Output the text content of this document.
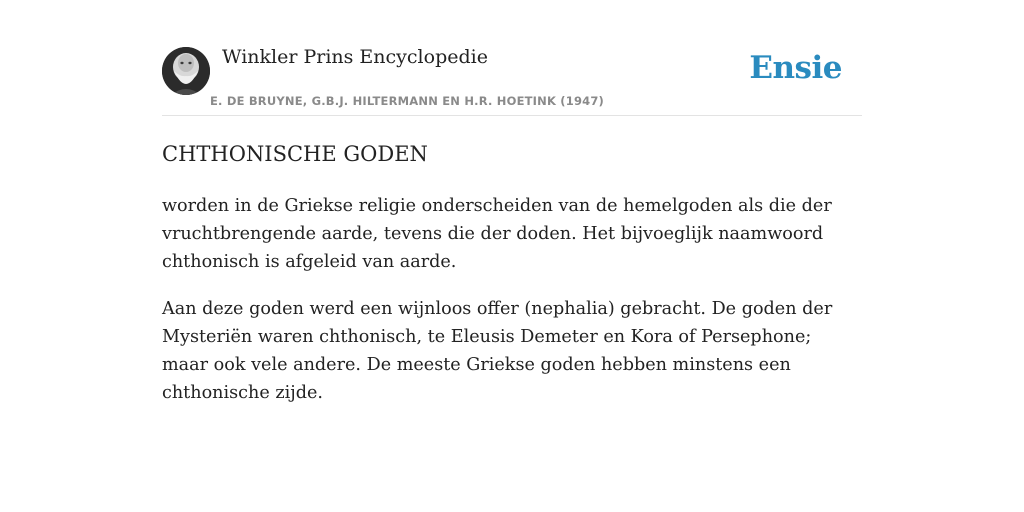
Winkler Prins Encyclopedie
E. DE BRUYNE, G.B.J. HILTERMANN EN H.R. HOETINK (1947)
Ensie
CHTHONISCHE GODEN

worden in de Griekse religie onderscheiden van de hemelgoden als die der vruchtbrengende aarde, tevens die der doden. Het bijvoeglijk naamwoord chthonisch is afgeleid van aarde.

Aan deze goden werd een wijnloos offer (nephalia) gebracht. De goden der Mysteriën waren chthonisch, te Eleusis Demeter en Kora of Persephone; maar ook vele andere. De meeste Griekse goden hebben minstens een chthonische zijde.
